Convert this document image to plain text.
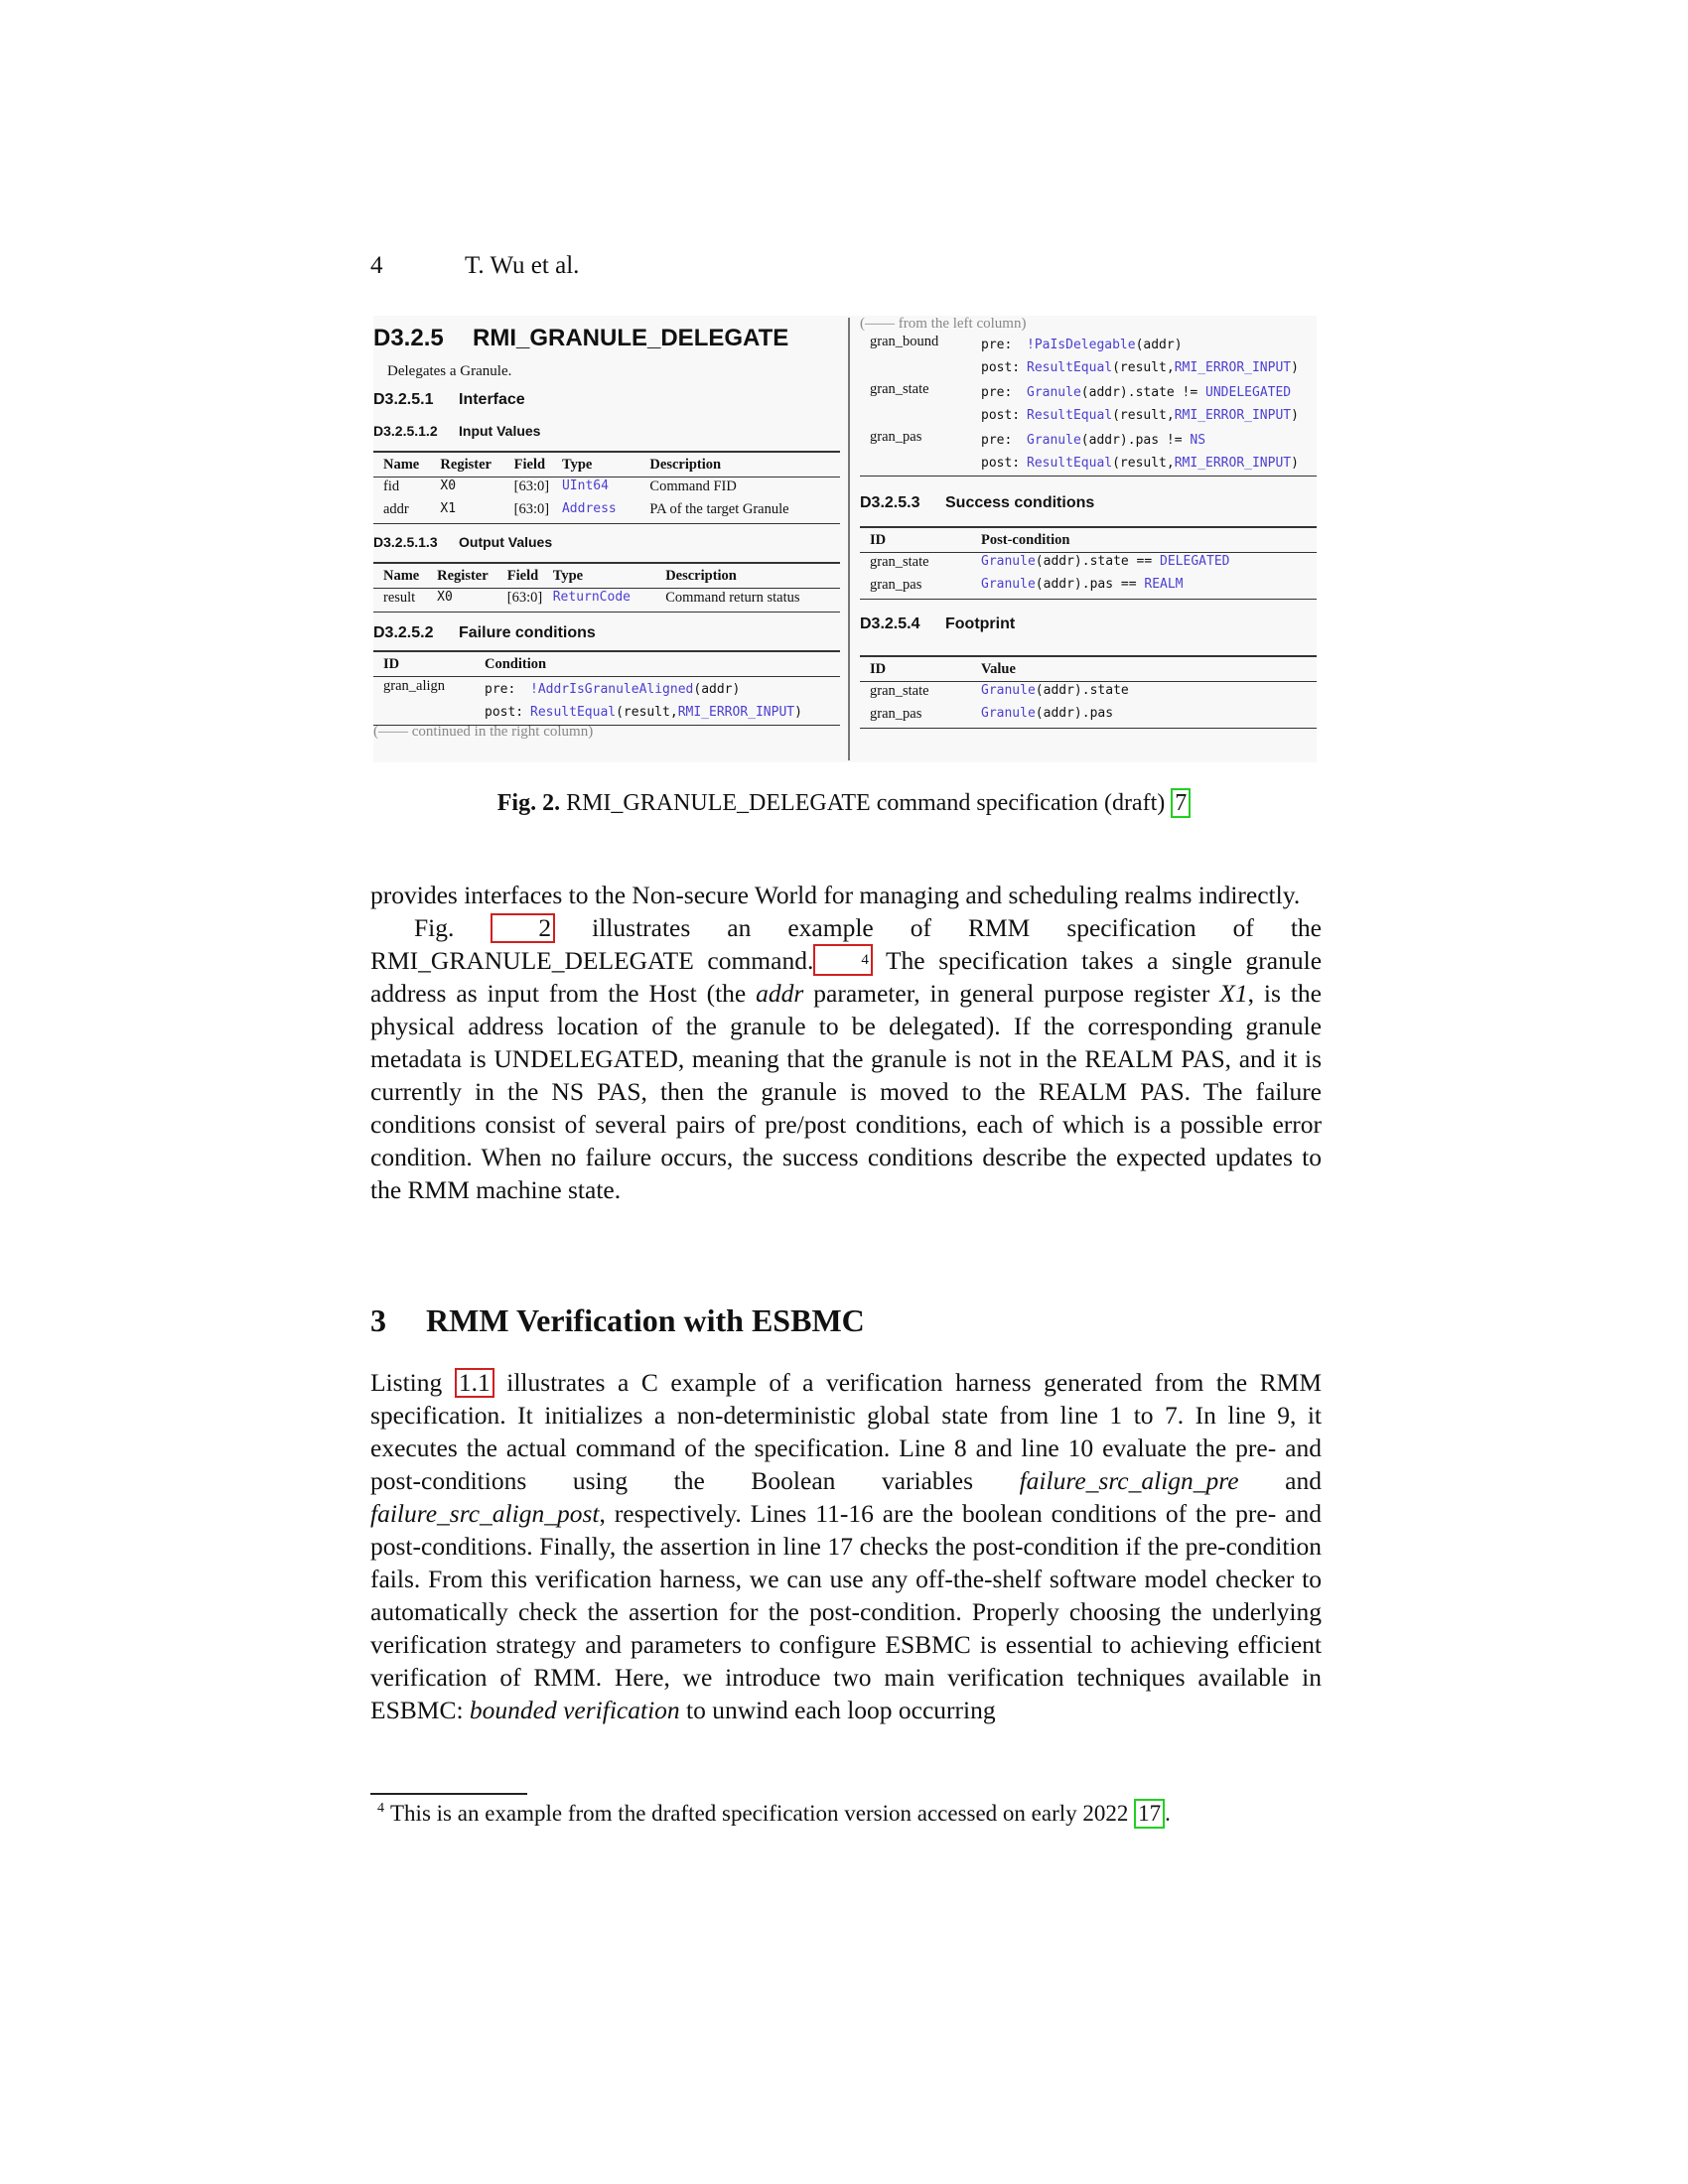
4	T. Wu et al.
D3.2.5 RMI_GRANULE_DELEGATE
Delegates a Granule.
D3.2.5.1 Interface
D3.2.5.1.2 Input Values
Name	Register	Field	Type	Description
fid	X0	[63:0]	UInt64	Command FID
addr	X1	[63:0]	Address	PA of the target Granule
D3.2.5.1.3 Output Values
Name	Register	Field	Type	Description
result	X0	[63:0]	ReturnCode	Command return status
D3.2.5.2 Failure conditions
ID	Condition
gran_align	pre: !AddrIsGranuleAligned(addr)
post: ResultEqual(result,RMI_ERROR_INPUT)
(—— continued in the right column)
(—— from the left column)
gran_bound	pre: !PaIsDelegable(addr)
post: ResultEqual(result,RMI_ERROR_INPUT)

gran_state	pre: Granule(addr).state != UNDELEGATED
post: ResultEqual(result,RMI_ERROR_INPUT)

gran_pas	pre: Granule(addr).pas != NS
post: ResultEqual(result,RMI_ERROR_INPUT)
D3.2.5.3 Success conditions
ID	Post-condition
gran_state	Granule(addr).state == DELEGATED
gran_pas	Granule(addr).pas == REALM
D3.2.5.4 Footprint
ID	Value
gran_state	Granule(addr).state
gran_pas	Granule(addr).pas
Fig. 2. RMI_GRANULE_DELEGATE command specification (draft) 7

provides interfaces to the Non-secure World for managing and scheduling realms indirectly.

Fig. 2 illustrates an example of RMM specification of the RMI_GRANULE_DELEGATE command.	4 The specification takes a single granule address as input from the Host (the addr parameter, in general purpose register X1, is the physical address location of the granule to be delegated). If the corresponding granule metadata is UNDELEGATED, meaning that the granule is not in the REALM PAS, and it is currently in the NS PAS, then the granule is moved to the REALM PAS. The failure conditions consist of several pairs of pre/post conditions, each of which is a possible error condition. When no failure occurs, the success conditions describe the expected updates to the RMM machine state.

3 RMM Verification with ESBMC

Listing 1.1 illustrates a C example of a verification harness generated from the RMM specification. It initializes a non-deterministic global state from line 1 to 7. In line 9, it executes the actual command of the specification. Line 8 and line 10 evaluate the pre- and post-conditions using the Boolean variables failure_src_align_pre and failure_src_align_post, respectively. Lines 11-16 are the boolean conditions of the pre- and post-conditions. Finally, the assertion in line 17 checks the post-condition if the pre-condition fails. From this verification harness, we can use any off-the-shelf software model checker to automatically check the assertion for the post-condition. Properly choosing the underlying verification strategy and parameters to configure ESBMC is essential to achieving efficient verification of RMM. Here, we introduce two main verification techniques available in ESBMC: bounded verification to unwind each loop occurring

$^4$ This is an example from the drafted specification version accessed on early 2022 17 .
